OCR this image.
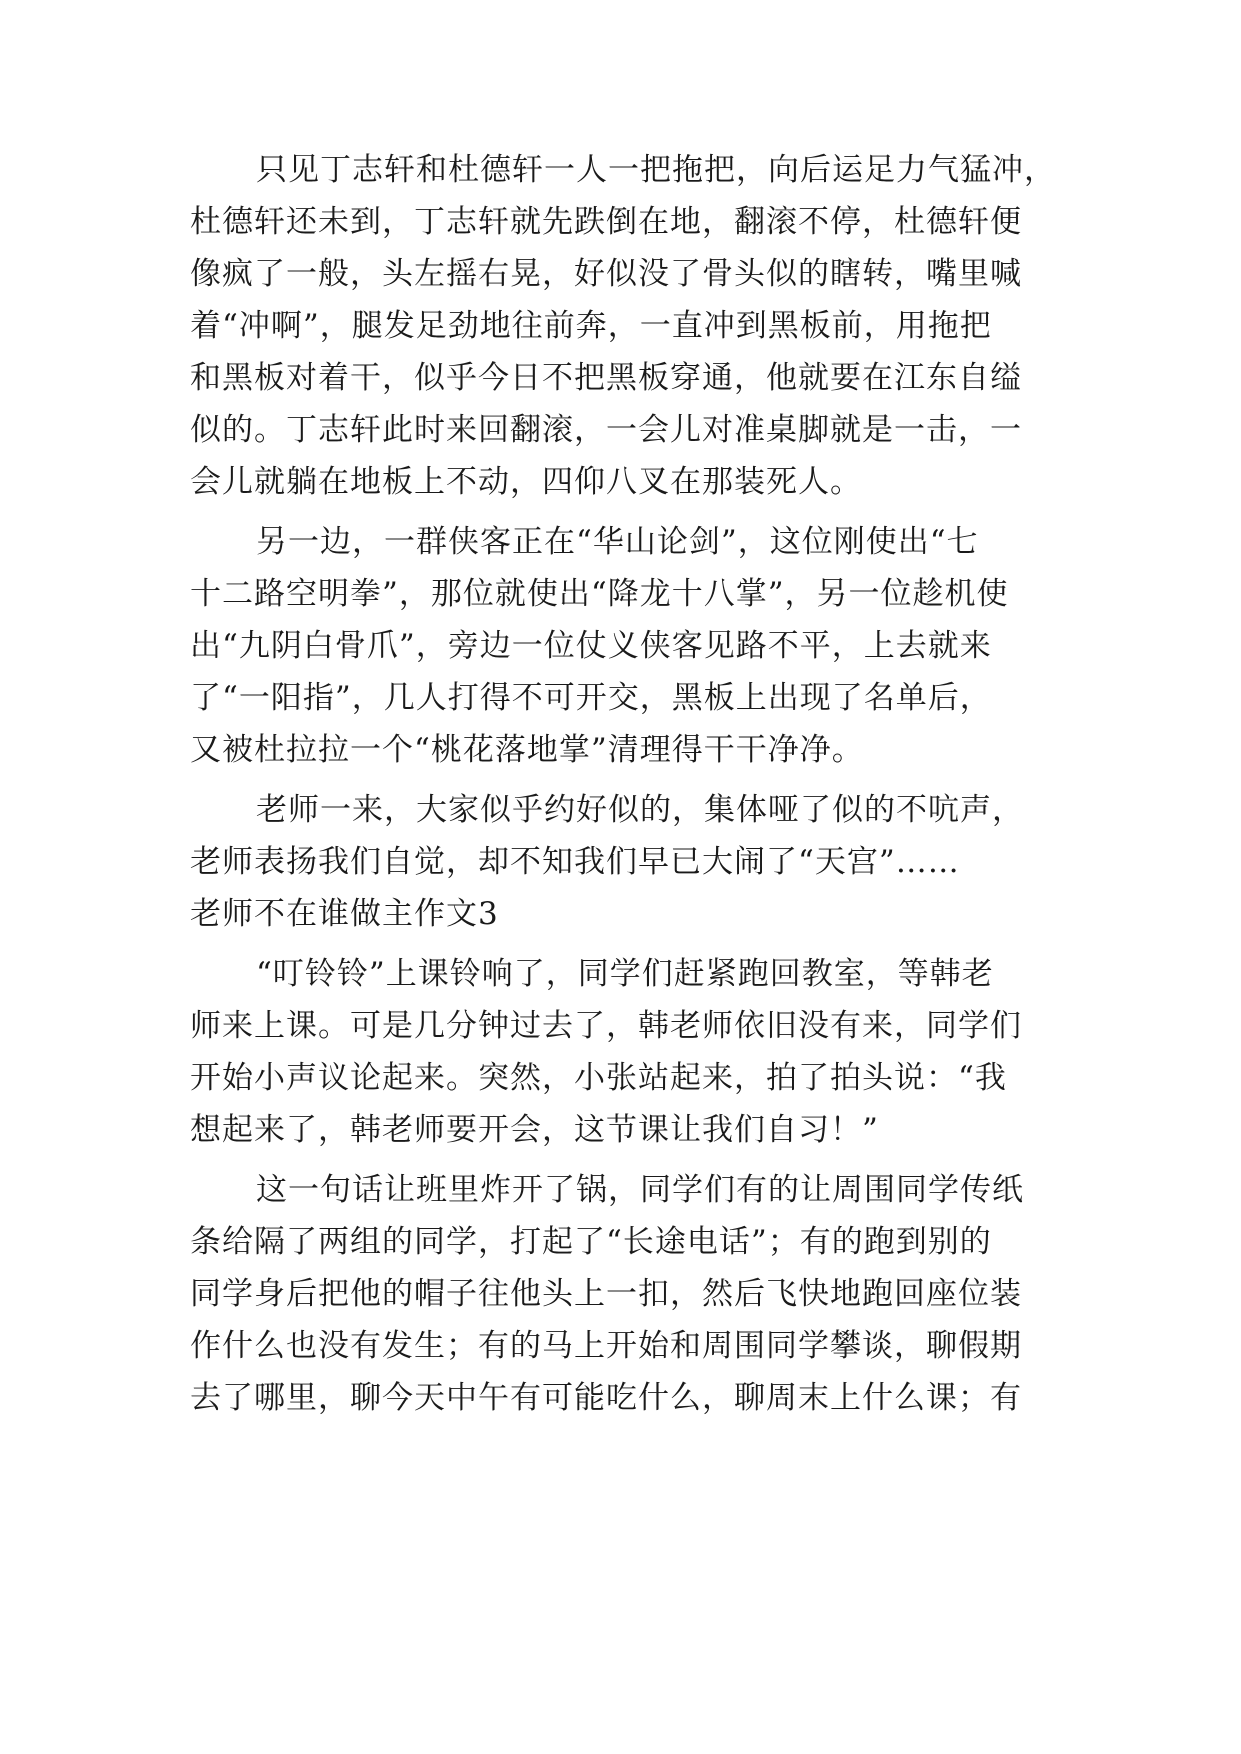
只见丁志轩和杜德轩一人一把拖把，向后运足力气猛冲，
杜德轩还未到，丁志轩就先跌倒在地，翻滚不停，杜德轩便
像疯了一般，头左摇右晃，好似没了骨头似的瞎转，嘴里喊
着“冲啊”，腿发足劲地往前奔，一直冲到黑板前，用拖把
和黑板对着干，似乎今日不把黑板穿通，他就要在江东自缢
似的。丁志轩此时来回翻滚，一会儿对准桌脚就是一击，一
会儿就躺在地板上不动，四仰八叉在那装死人。
另一边，一群侠客正在“华山论剑”，这位刚使出“七
十二路空明拳”，那位就使出“降龙十八掌”，另一位趁机使
出“九阴白骨爪”，旁边一位仗义侠客见路不平，上去就来
了“一阳指”，几人打得不可开交，黑板上出现了名单后，
又被杜拉拉一个“桃花落地掌”清理得干干净净。
老师一来，大家似乎约好似的，集体哑了似的不吭声，
老师表扬我们自觉，却不知我们早已大闹了“天宫”……
老师不在谁做主作文3
“叮铃铃”上课铃响了，同学们赶紧跑回教室，等韩老
师来上课。可是几分钟过去了，韩老师依旧没有来，同学们
开始小声议论起来。突然，小张站起来，拍了拍头说：“我
想起来了，韩老师要开会，这节课让我们自习！”
这一句话让班里炸开了锅，同学们有的让周围同学传纸
条给隔了两组的同学，打起了“长途电话”；有的跑到别的
同学身后把他的帽子往他头上一扣，然后飞快地跑回座位装
作什么也没有发生；有的马上开始和周围同学攀谈，聊假期
去了哪里，聊今天中午有可能吃什么，聊周末上什么课；有
